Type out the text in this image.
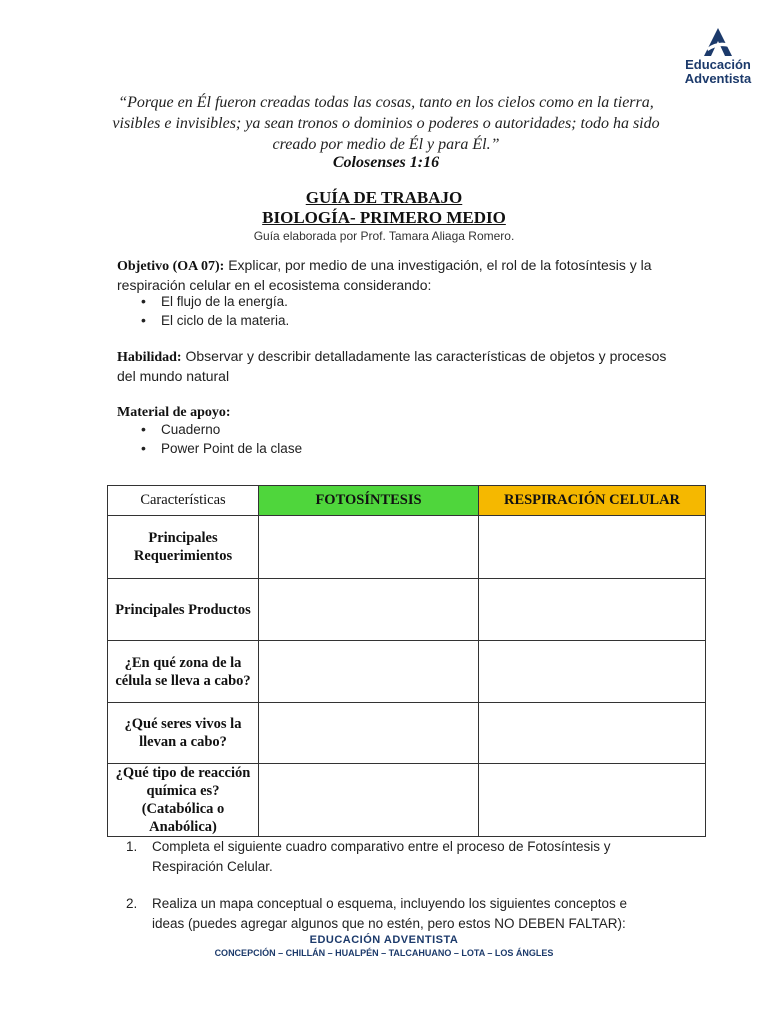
Educación
Adventista
“Porque en Él fueron creadas todas las cosas, tanto en los cielos como en la tierra, visibles e invisibles; ya sean tronos o dominios o poderes o autoridades; todo ha sido creado por medio de Él y para Él.”
Colosenses 1:16
GUÍA DE TRABAJO
BIOLOGÍA- PRIMERO MEDIO
Guía elaborada por Prof. Tamara Aliaga Romero.
Objetivo (OA 07): Explicar, por medio de una investigación, el rol de la fotosíntesis y la respiración celular en el ecosistema considerando:
• El flujo de la energía.
• El ciclo de la materia.
Habilidad: Observar y describir detalladamente las características de objetos y procesos del mundo natural
Material de apoyo:
• Cuaderno
• Power Point de la clase
Características	FOTOSÍNTESIS	RESPIRACIÓN CELULAR
Principales Requerimientos		
Principales Productos		
¿En qué zona de la célula se lleva a cabo?		
¿Qué seres vivos la llevan a cabo?		
¿Qué tipo de reacción química es? (Catabólica o Anabólica)		
1. Completa el siguiente cuadro comparativo entre el proceso de Fotosíntesis y Respiración Celular.
2. Realiza un mapa conceptual o esquema, incluyendo los siguientes conceptos e ideas (puedes agregar algunos que no estén, pero estos NO DEBEN FALTAR):
EDUCACIÓN ADVENTISTA
CONCEPCIÓN – CHILLÁN – HUALPÉN – TALCAHUANO – LOTA – LOS ÁNGLES
